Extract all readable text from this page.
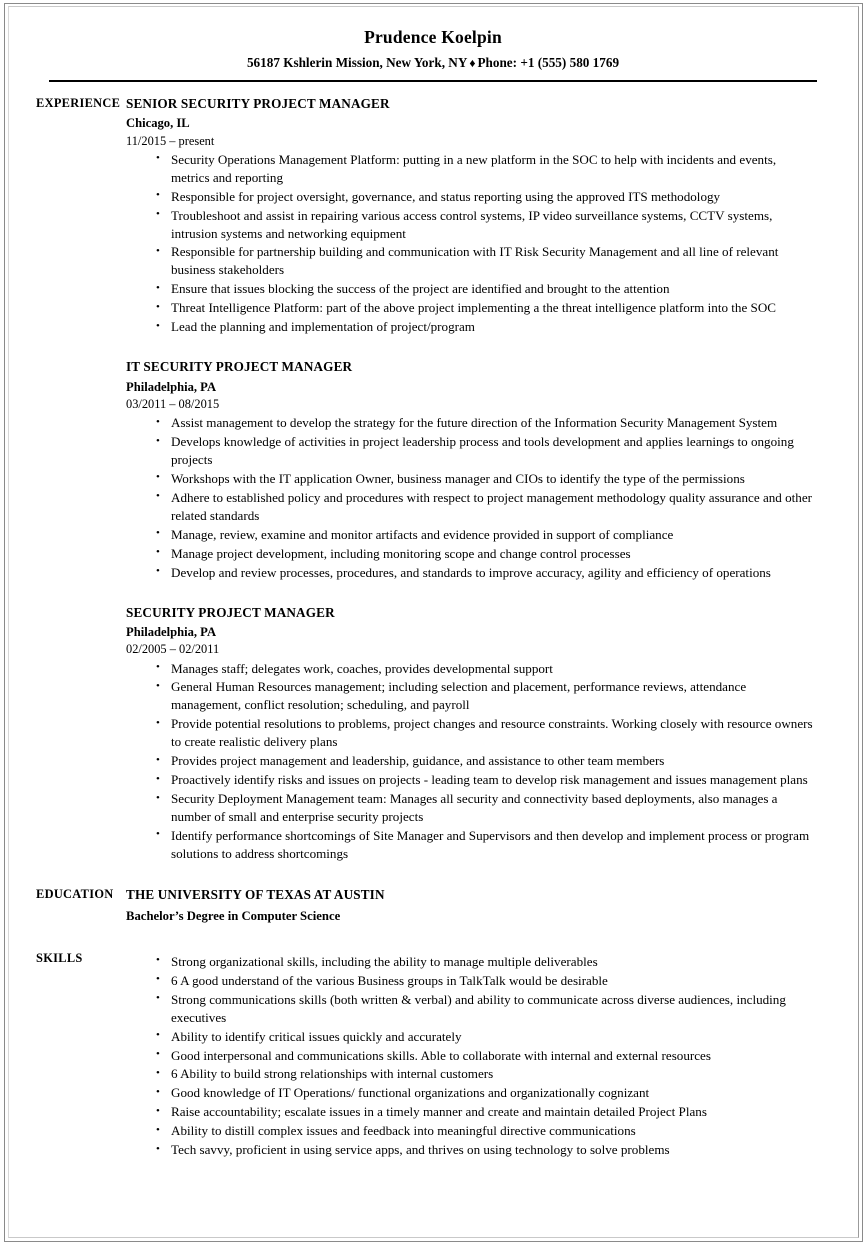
Prudence Koelpin
56187 Kshlerin Mission, New York, NY ♦ Phone: +1 (555) 580 1769
EXPERIENCE SENIOR SECURITY PROJECT MANAGER
Chicago, IL
11/2015 – present
• Security Operations Management Platform: putting in a new platform in the SOC to help with incidents and events, metrics and reporting
• Responsible for project oversight, governance, and status reporting using the approved ITS methodology
• Troubleshoot and assist in repairing various access control systems, IP video surveillance systems, CCTV systems, intrusion systems and networking equipment
• Responsible for partnership building and communication with IT Risk Security Management and all line of relevant business stakeholders
• Ensure that issues blocking the success of the project are identified and brought to the attention
• Threat Intelligence Platform: part of the above project implementing a the threat intelligence platform into the SOC
• Lead the planning and implementation of project/program
IT SECURITY PROJECT MANAGER
Philadelphia, PA
03/2011 – 08/2015
• Assist management to develop the strategy for the future direction of the Information Security Management System
• Develops knowledge of activities in project leadership process and tools development and applies learnings to ongoing projects
• Workshops with the IT application Owner, business manager and CIOs to identify the type of the permissions
• Adhere to established policy and procedures with respect to project management methodology quality assurance and other related standards
• Manage, review, examine and monitor artifacts and evidence provided in support of compliance
• Manage project development, including monitoring scope and change control processes
• Develop and review processes, procedures, and standards to improve accuracy, agility and efficiency of operations
SECURITY PROJECT MANAGER
Philadelphia, PA
02/2005 – 02/2011
• Manages staff; delegates work, coaches, provides developmental support
• General Human Resources management; including selection and placement, performance reviews, attendance management, conflict resolution; scheduling, and payroll
• Provide potential resolutions to problems, project changes and resource constraints. Working closely with resource owners to create realistic delivery plans
• Provides project management and leadership, guidance, and assistance to other team members
• Proactively identify risks and issues on projects - leading team to develop risk management and issues management plans
• Security Deployment Management team: Manages all security and connectivity based deployments, also manages a number of small and enterprise security projects
• Identify performance shortcomings of Site Manager and Supervisors and then develop and implement process or program solutions to address shortcomings
EDUCATION THE UNIVERSITY OF TEXAS AT AUSTIN
Bachelor’s Degree in Computer Science
SKILLS	• Strong organizational skills, including the ability to manage multiple deliverables
• 6 A good understand of the various Business groups in TalkTalk would be desirable
• Strong communications skills (both written & verbal) and ability to communicate across diverse audiences, including executives
• Ability to identify critical issues quickly and accurately
• Good interpersonal and communications skills. Able to collaborate with internal and external resources
• 6 Ability to build strong relationships with internal customers
• Good knowledge of IT Operations/ functional organizations and organizationally cognizant
• Raise accountability; escalate issues in a timely manner and create and maintain detailed Project Plans
• Ability to distill complex issues and feedback into meaningful directive communications
• Tech savvy, proficient in using service apps, and thrives on using technology to solve problems
